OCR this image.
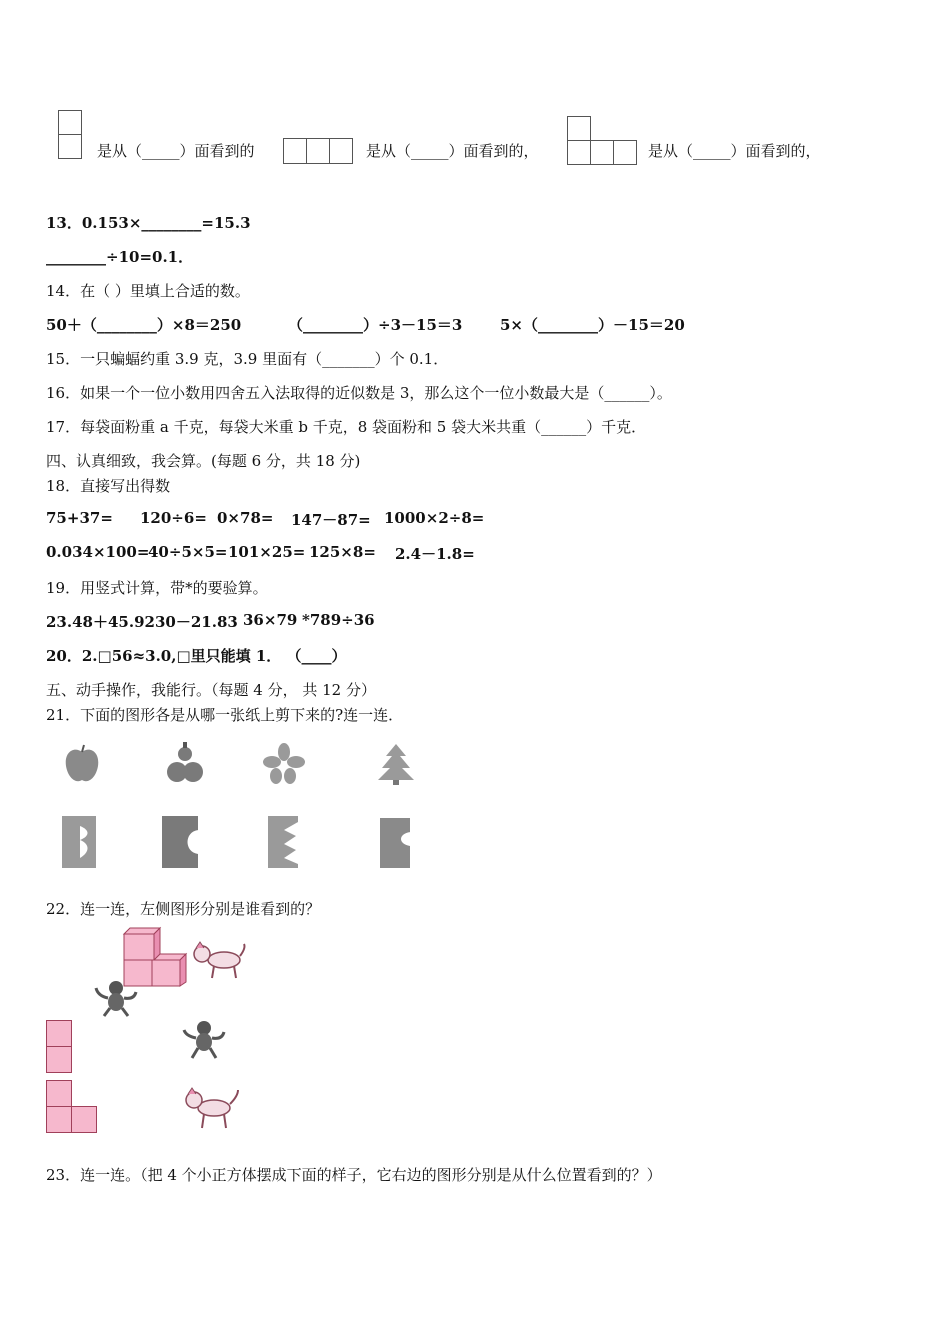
是从（_____）面看到的	是从（_____）面看到的，	是从（_____）面看到的，
13．0.153×________=15.3
________÷10=0.1．
14．在（ ）里填上合适的数。
50＋（________）×8＝250	（________）÷3－15＝3	5×（________）－15＝20
15．一只蝙蝠约重 3.9 克，3.9 里面有（_______）个 0.1．
16．如果一个一位小数用四舍五入法取得的近似数是 3，那么这个一位小数最大是（______）。
17．每袋面粉重 a 千克，每袋大米重 b 千克，8 袋面粉和 5 袋大米共重（______）千克．
四、认真细致，我会算。(每题 6 分，共 18 分)
18．直接写出得数
75+37= 120÷6= 0×78= 147－87= 1000×2÷8=
0.034×100=
40÷5×5= 101×25= 125×8= 2.4－1.8=
19．用竖式计算，带*的要验算。
23.48＋45.92 30－21.83 36×79 *789÷36
20．2.□56≈3.0,□里只能填 1． （____）
五、动手操作，我能行。（每题 4 分， 共 12 分）
21．下面的图形各是从哪一张纸上剪下来的?连一连．
22．连一连，左侧图形分别是谁看到的？
23．连一连。（把 4 个小正方体摆成下面的样子，它右边的图形分别是从什么位置看到的？）
